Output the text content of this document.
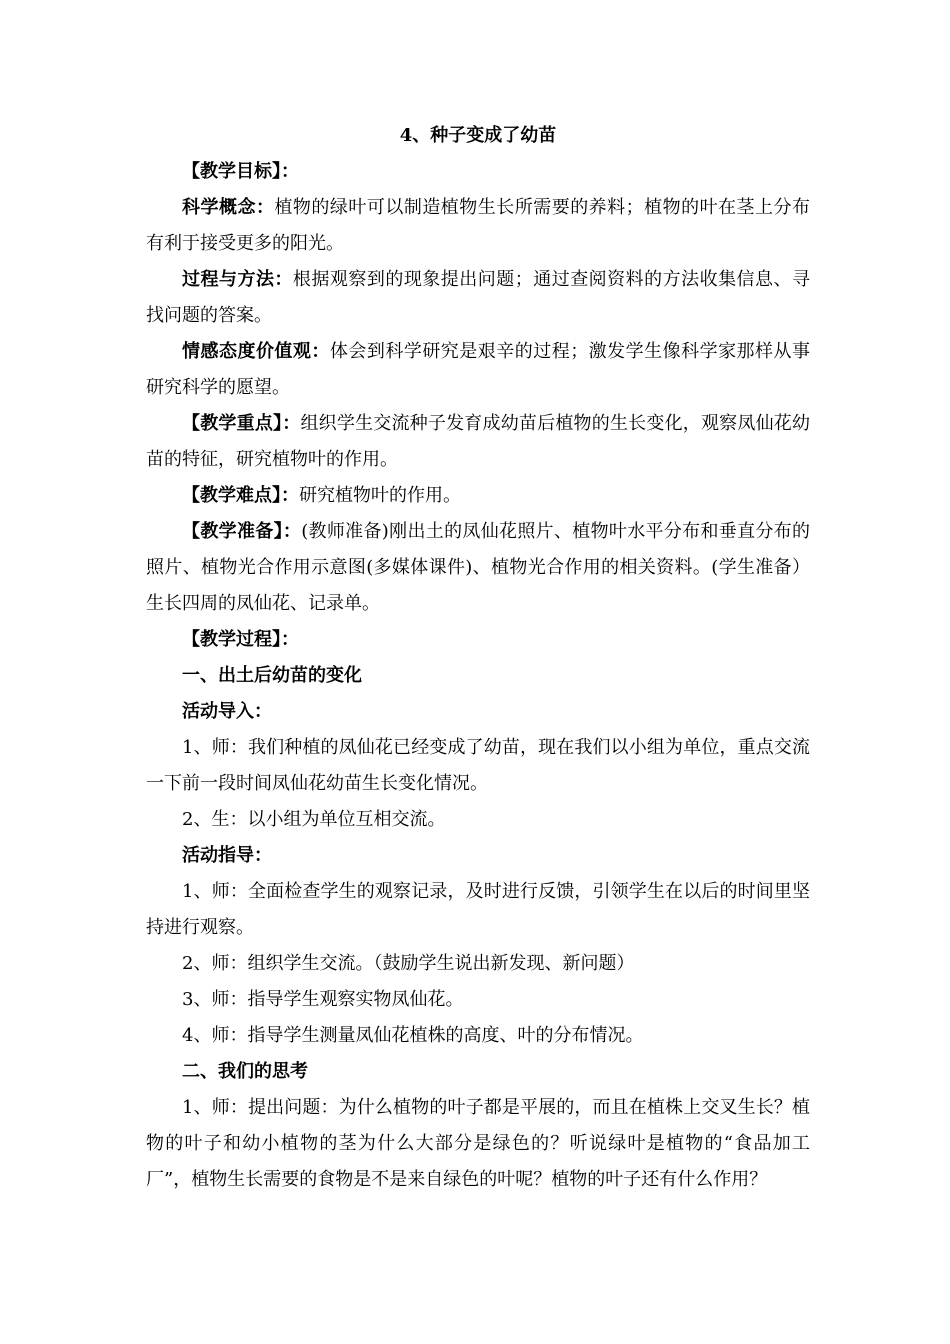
4、种子变成了幼苗

【教学目标】：

科学概念：植物的绿叶可以制造植物生长所需要的养料；植物的叶在茎上分布有利于接受更多的阳光。

过程与方法：根据观察到的现象提出问题；通过查阅资料的方法收集信息、寻找问题的答案。

情感态度价值观：体会到科学研究是艰辛的过程；激发学生像科学家那样从事研究科学的愿望。

【教学重点】：组织学生交流种子发育成幼苗后植物的生长变化，观察凤仙花幼苗的特征，研究植物叶的作用。

【教学难点】：研究植物叶的作用。

【教学准备】：(教师准备)刚出土的凤仙花照片、植物叶水平分布和垂直分布的照片、植物光合作用示意图(多媒体课件)、植物光合作用的相关资料。(学生准备）生长四周的凤仙花、记录单。

【教学过程】：

一、出土后幼苗的变化

活动导入：

1、师：我们种植的凤仙花已经变成了幼苗，现在我们以小组为单位，重点交流一下前一段时间凤仙花幼苗生长变化情况。

2、生：以小组为单位互相交流。

活动指导：

1、师：全面检查学生的观察记录，及时进行反馈，引领学生在以后的时间里坚持进行观察。

2、师：组织学生交流。（鼓励学生说出新发现、新问题）

3、师：指导学生观察实物凤仙花。

4、师：指导学生测量凤仙花植株的高度、叶的分布情况。

二、我们的思考

1、师：提出问题：为什么植物的叶子都是平展的，而且在植株上交叉生长？植物的叶子和幼小植物的茎为什么大部分是绿色的？听说绿叶是植物的“食品加工厂”，植物生长需要的食物是不是来自绿色的叶呢？植物的叶子还有什么作用？
